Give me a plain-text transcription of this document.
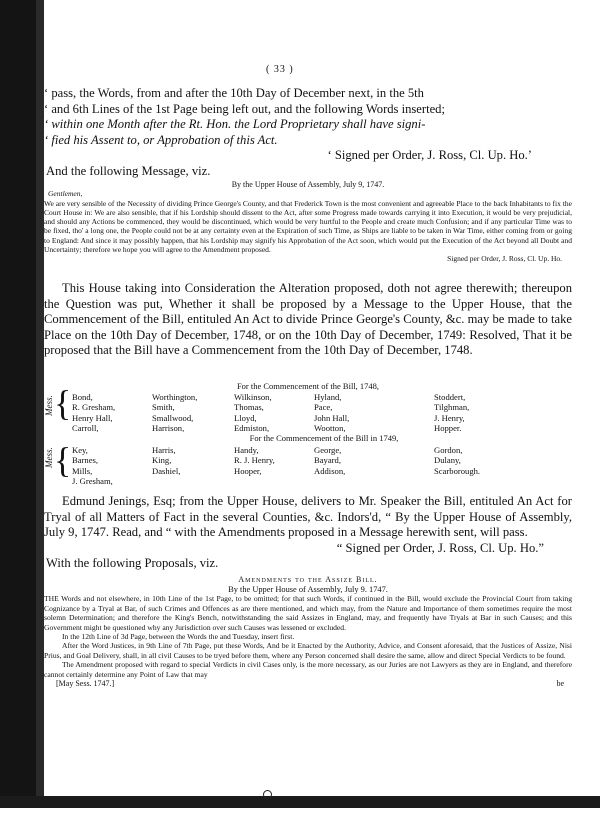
( 33 )

‘ pass, the Words, from and after the 10th Day of December next, in the 5th

‘ and 6th Lines of the 1st Page being left out, and the following Words inserted;

‘ within one Month after the Rt. Hon. the Lord Proprietary shall have signi-

‘ fied his Assent to, or Approbation of this Act.

‘ Signed per Order, J. Ross, Cl. Up. Ho.’

And the following Message, viz.

By the Upper House of Assembly, July 9, 1747.

Gentlemen,

We are very sensible of the Necessity of dividing Prince George's County, and that Frederick Town is the most convenient and agreeable Place to the back Inhabitants to fix the Court House in: We are also sensible, that if his Lordship should dissent to the Act, after some Progress made towards carrying it into Execution, it would be very prejudicial, and should any Actions be commenced, they would be discontinued, which would be very hurtful to the People and create much Confusion; and if any particular Time was to be fixed, tho' a long one, the People could not be at any certainty even at the Expiration of such Time, as Ships are liable to be taken in War Time, either coming from or going to England: And since it may possibly happen, that his Lordship may signify his Approbation of the Act soon, which would put the Execution of the Act beyond all Doubt and Uncertainty; therefore we hope you will agree to the Amendment proposed.

Signed per Order, J. Ross, Cl. Up. Ho.

This House taking into Consideration the Alteration proposed, doth not agree therewith; thereupon the Question was put, Whether it shall be proposed by a Message to the Upper House, that the Commencement of the Bill, entituled An Act to divide Prince George's County, &c. may be made to take Place on the 10th Day of December, 1748, or on the 10th Day of December, 1749: Resolved, That it be proposed that the Bill have a Commencement from the 10th Day of December, 1748.

For the Commencement of the Bill, 1748,

Mess. { Bond,	Worthington,	Wilkinson,	Hyland,	Stoddert,
R. Gresham,	Smith,	Thomas,	Pace,	Tilghman,
Henry Hall,	Smallwood,	Lloyd,	John Hall,	J. Henry,
Carroll,	Harrison,	Edmiston,	Wootton,	Hopper.

For the Commencement of the Bill in 1749,

Mess. { Key,	Harris,	Handy,	George,	Gordon,
Barnes,	King,	R. J. Henry,	Bayard,	Dulany,
Mills,	Dashiel,	Hooper,	Addison,	Scarborough.
J. Gresham,

Edmund Jenings, Esq; from the Upper House, delivers to Mr. Speaker the Bill, entituled An Act for Tryal of all Matters of Fact in the several Counties, &c. Indors'd, “ By the Upper House of Assembly, July 9, 1747. Read, and “ with the Amendments proposed in a Message herewith sent, will pass.

“ Signed per Order, J. Ross, Cl. Up. Ho.”

With the following Proposals, viz.

Amendments to the Assize Bill.

By the Upper House of Assembly, July 9. 1747.

THE Words and not elsewhere, in 10th Line of the 1st Page, to be omitted; for that such Words, if continued in the Bill, would exclude the Provincial Court from taking Cognizance by a Tryal at Bar, of such Crimes and Offences as are there mentioned, and which may, from the Nature and Importance of them sometimes require the most solemn Determination; and therefore the King's Bench, notwithstanding the said Assizes in England, may, and frequently have Tryals at Bar in such Causes; and this Government might be questioned why any Jurisdiction over such Causes was lessened or excluded.

In the 12th Line of 3d Page, between the Words the and Tuesday, insert first.

After the Word Justices, in 9th Line of 7th Page, put these Words, And be it Enacted by the Authority, Advice, and Consent aforesaid, that the Justices of Assize, Nisi Prius, and Goal Delivery, shall, in all civil Causes to be tryed before them, where any Person concerned shall desire the same, allow and direct Special Verdicts to be found.

The Amendment proposed with regard to special Verdicts in civil Cases only, is the more necessary, as our Juries are not Lawyers as they are in England, and therefore cannot certainly determine any Point of Law that may

[May Sess. 1747.]	be
